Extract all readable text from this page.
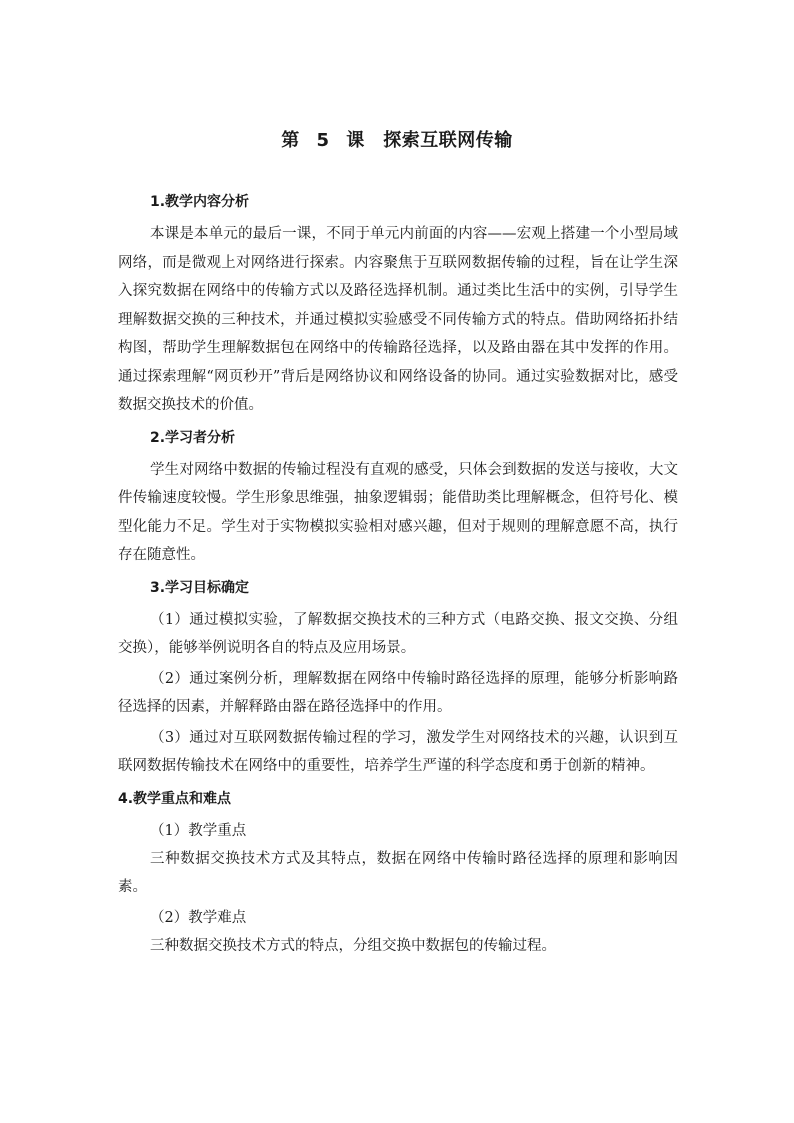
第 5 课　探索互联网传输
1.教学内容分析
本课是本单元的最后一课，不同于单元内前面的内容——宏观上搭建一个小型局域网络，而是微观上对网络进行探索。内容聚焦于互联网数据传输的过程，旨在让学生深入探究数据在网络中的传输方式以及路径选择机制。通过类比生活中的实例，引导学生理解数据交换的三种技术，并通过模拟实验感受不同传输方式的特点。借助网络拓扑结构图，帮助学生理解数据包在网络中的传输路径选择，以及路由器在其中发挥的作用。通过探索理解“网页秒开”背后是网络协议和网络设备的协同。通过实验数据对比，感受数据交换技术的价值。
2.学习者分析
学生对网络中数据的传输过程没有直观的感受，只体会到数据的发送与接收，大文件传输速度较慢。学生形象思维强，抽象逻辑弱；能借助类比理解概念，但符号化、模型化能力不足。学生对于实物模拟实验相对感兴趣，但对于规则的理解意愿不高，执行存在随意性。
3.学习目标确定
（1）通过模拟实验，了解数据交换技术的三种方式（电路交换、报文交换、分组交换），能够举例说明各自的特点及应用场景。
（2）通过案例分析，理解数据在网络中传输时路径选择的原理，能够分析影响路径选择的因素，并解释路由器在路径选择中的作用。
（3）通过对互联网数据传输过程的学习，激发学生对网络技术的兴趣，认识到互联网数据传输技术在网络中的重要性，培养学生严谨的科学态度和勇于创新的精神。
4.教学重点和难点
（1）教学重点
三种数据交换技术方式及其特点，数据在网络中传输时路径选择的原理和影响因素。
（2）教学难点
三种数据交换技术方式的特点，分组交换中数据包的传输过程。
